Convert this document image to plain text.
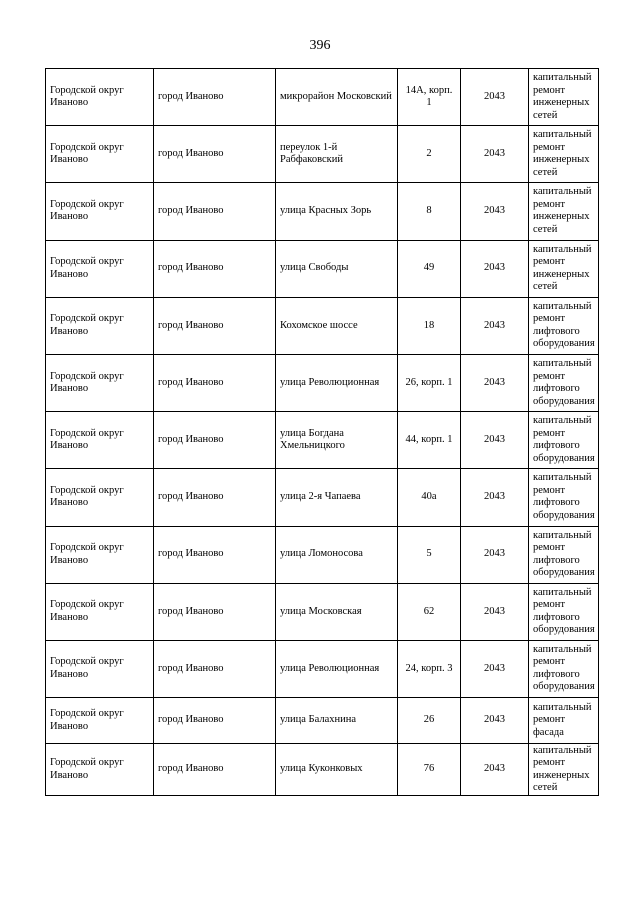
396
Городской округ Иваново	город Иваново	микрорайон Московский	14А, корп. 1	2043	капитальный ремонт инженерных сетей
Городской округ Иваново	город Иваново	переулок 1-й Рабфаковский	2	2043	капитальный ремонт инженерных сетей
Городской округ Иваново	город Иваново	улица Красных Зорь	8	2043	капитальный ремонт инженерных сетей
Городской округ Иваново	город Иваново	улица Свободы	49	2043	капитальный ремонт инженерных сетей
Городской округ Иваново	город Иваново	Кохомское шоссе	18	2043	капитальный ремонт лифтового оборудования
Городской округ Иваново	город Иваново	улица Революционная	26, корп. 1	2043	капитальный ремонт лифтового оборудования
Городской округ Иваново	город Иваново	улица Богдана Хмельницкого	44, корп. 1	2043	капитальный ремонт лифтового оборудования
Городской округ Иваново	город Иваново	улица 2-я Чапаева	40а	2043	капитальный ремонт лифтового оборудования
Городской округ Иваново	город Иваново	улица Ломоносова	5	2043	капитальный ремонт лифтового оборудования
Городской округ Иваново	город Иваново	улица Московская	62	2043	капитальный ремонт лифтового оборудования
Городской округ Иваново	город Иваново	улица Революционная	24, корп. 3	2043	капитальный ремонт лифтового оборудования
Городской округ Иваново	город Иваново	улица Балахнина	26	2043	капитальный ремонт фасада
Городской округ Иваново	город Иваново	улица Куконковых	76	2043	капитальный ремонт инженерных сетей
